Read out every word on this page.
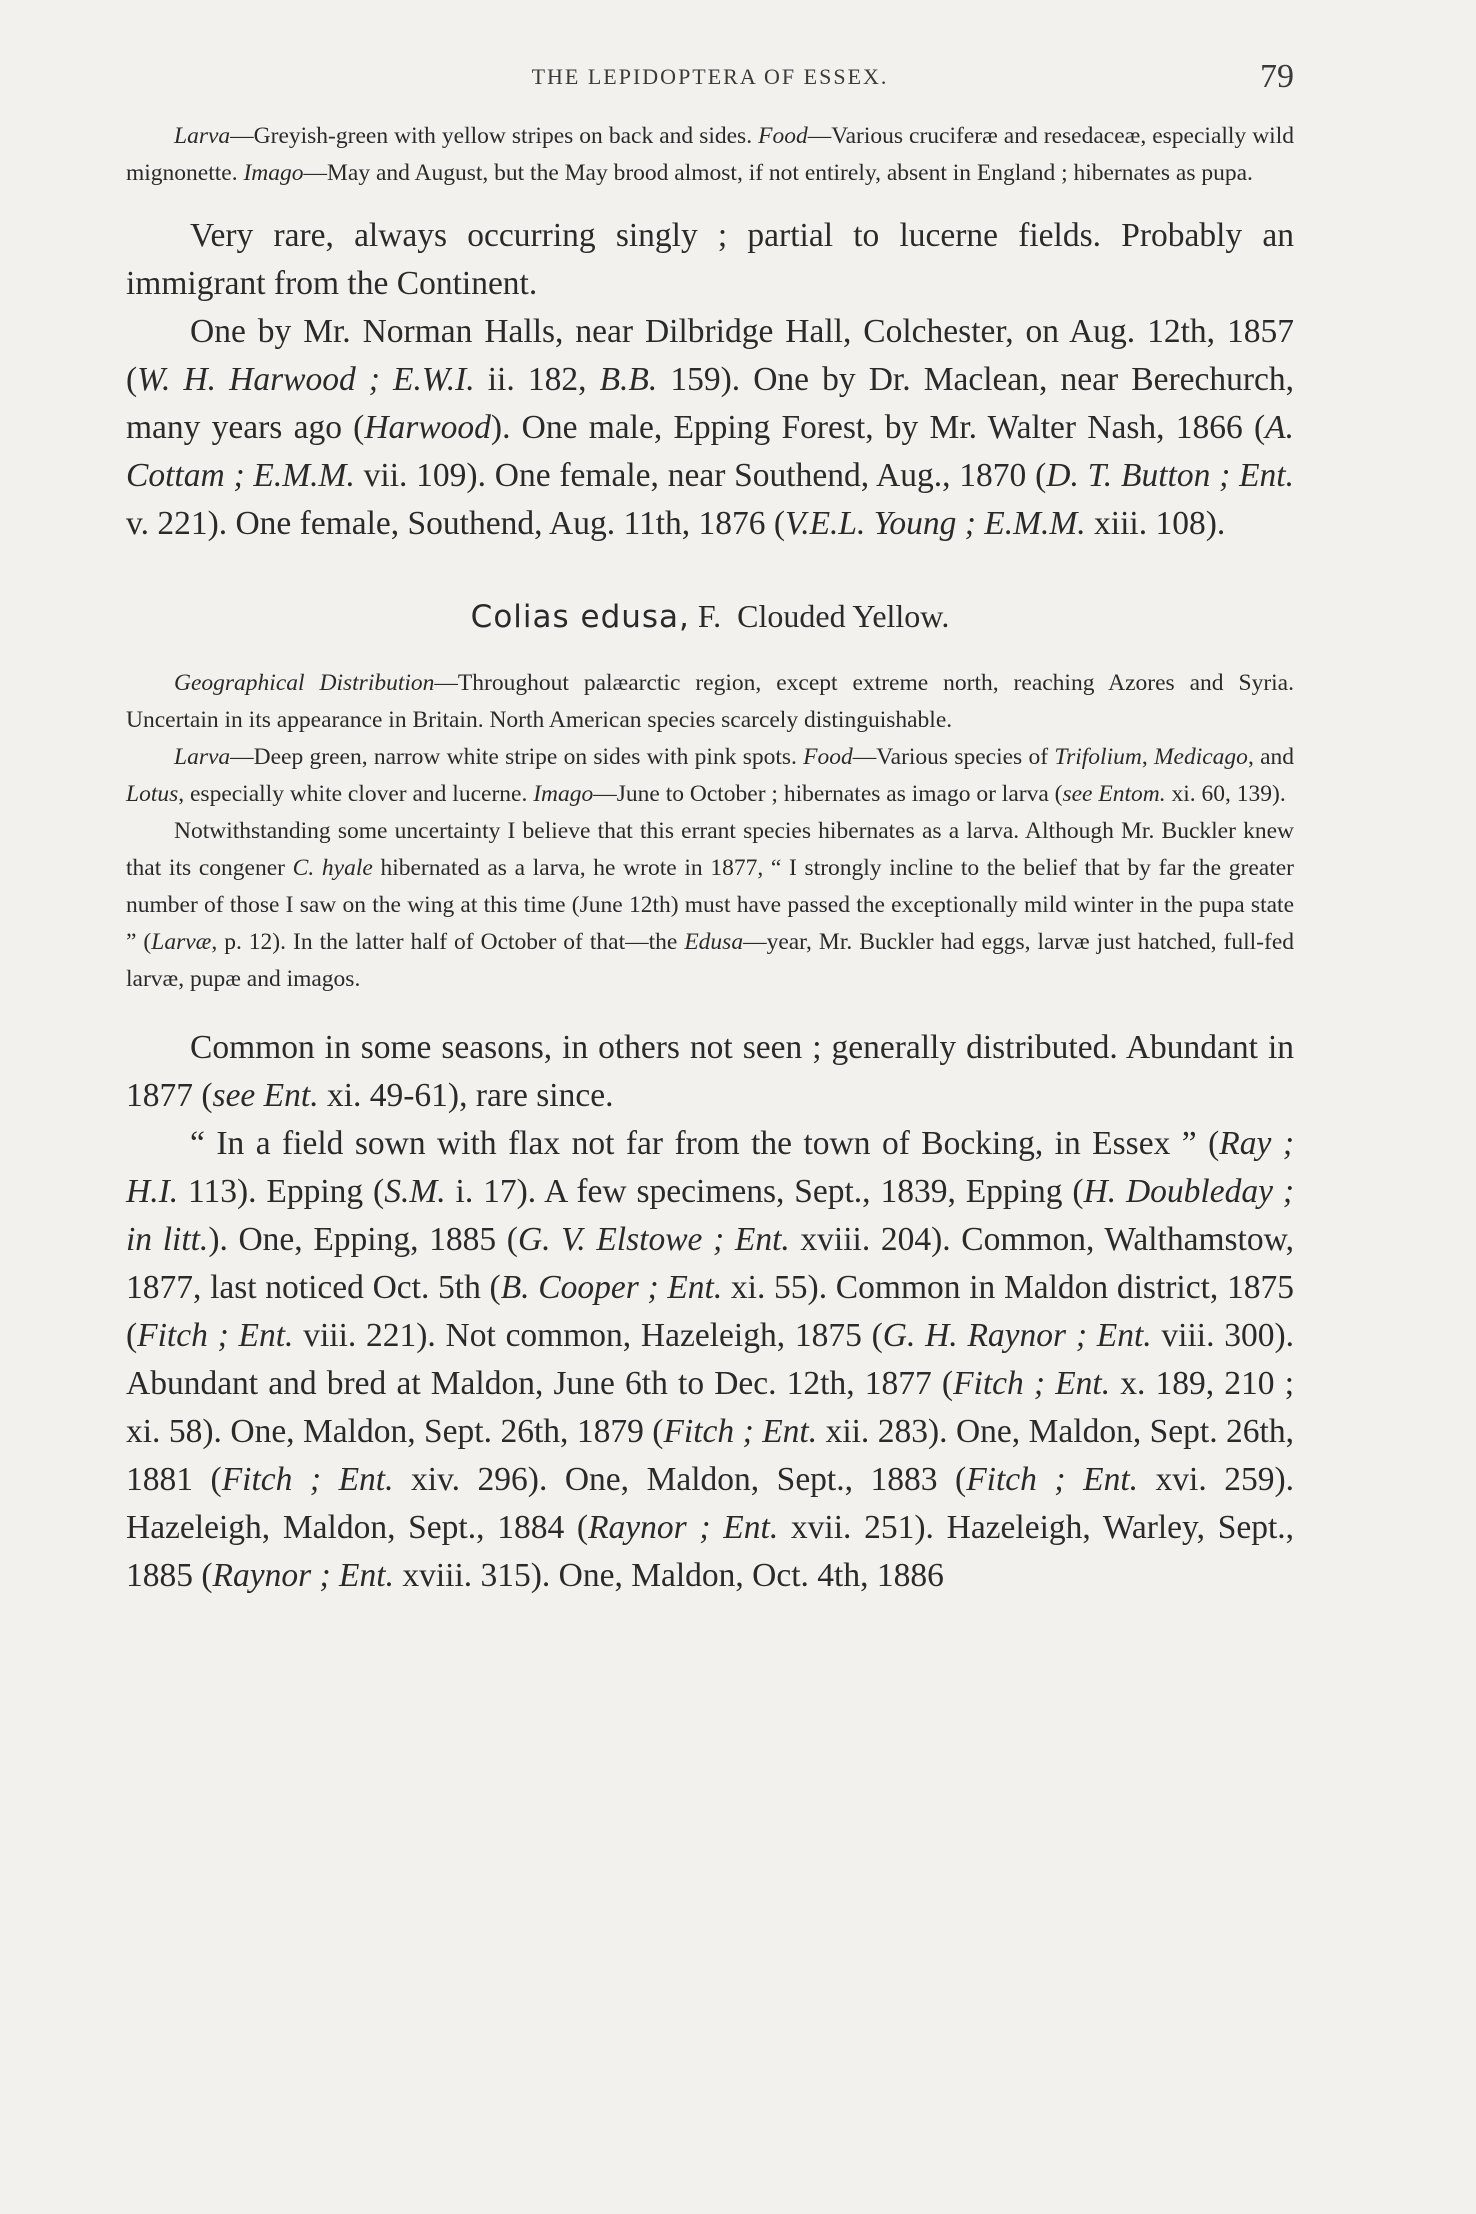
THE LEPIDOPTERA OF ESSEX.	79

Larva—Greyish-green with yellow stripes on back and sides. Food—Various cruciferæ and resedaceæ, especially wild mignonette. Imago—May and August, but the May brood almost, if not entirely, absent in England ; hibernates as pupa.

Very rare, always occurring singly ; partial to lucerne fields. Probably an immigrant from the Continent.

One by Mr. Norman Halls, near Dilbridge Hall, Colchester, on Aug. 12th, 1857 (W. H. Harwood ; E.W.I. ii. 182, B.B. 159). One by Dr. Maclean, near Berechurch, many years ago (Harwood). One male, Epping Forest, by Mr. Walter Nash, 1866 (A. Cottam ; E.M.M. vii. 109). One female, near Southend, Aug., 1870 (D. T. Button ; Ent. v. 221). One female, Southend, Aug. 11th, 1876 (V.E.L. Young ; E.M.M. xiii. 108).

Colias edusa, F. Clouded Yellow.

Geographical Distribution—Throughout palæarctic region, except extreme north, reaching Azores and Syria. Uncertain in its appearance in Britain. North American species scarcely distinguishable.

Larva—Deep green, narrow white stripe on sides with pink spots. Food—Various species of Trifolium, Medicago, and Lotus, especially white clover and lucerne. Imago—June to October ; hibernates as imago or larva (see Entom. xi. 60, 139).

Notwithstanding some uncertainty I believe that this errant species hibernates as a larva. Although Mr. Buckler knew that its congener C. hyale hibernated as a larva, he wrote in 1877, “ I strongly incline to the belief that by far the greater number of those I saw on the wing at this time (June 12th) must have passed the exceptionally mild winter in the pupa state ” (Larvæ, p. 12). In the latter half of October of that—the Edusa—year, Mr. Buckler had eggs, larvæ just hatched, full-fed larvæ, pupæ and imagos.

Common in some seasons, in others not seen ; generally distributed. Abundant in 1877 (see Ent. xi. 49-61), rare since.

“ In a field sown with flax not far from the town of Bocking, in Essex ” (Ray ; H.I. 113). Epping (S.M. i. 17). A few specimens, Sept., 1839, Epping (H. Doubleday ; in litt.). One, Epping, 1885 (G. V. Elstowe ; Ent. xviii. 204). Common, Walthamstow, 1877, last noticed Oct. 5th (B. Cooper ; Ent. xi. 55). Common in Maldon district, 1875 (Fitch ; Ent. viii. 221). Not common, Hazeleigh, 1875 (G. H. Raynor ; Ent. viii. 300). Abundant and bred at Maldon, June 6th to Dec. 12th, 1877 (Fitch ; Ent. x. 189, 210 ; xi. 58). One, Maldon, Sept. 26th, 1879 (Fitch ; Ent. xii. 283). One, Maldon, Sept. 26th, 1881 (Fitch ; Ent. xiv. 296). One, Maldon, Sept., 1883 (Fitch ; Ent. xvi. 259). Hazeleigh, Maldon, Sept., 1884 (Raynor ; Ent. xvii. 251). Hazeleigh, Warley, Sept., 1885 (Raynor ; Ent. xviii. 315). One, Maldon, Oct. 4th, 1886
